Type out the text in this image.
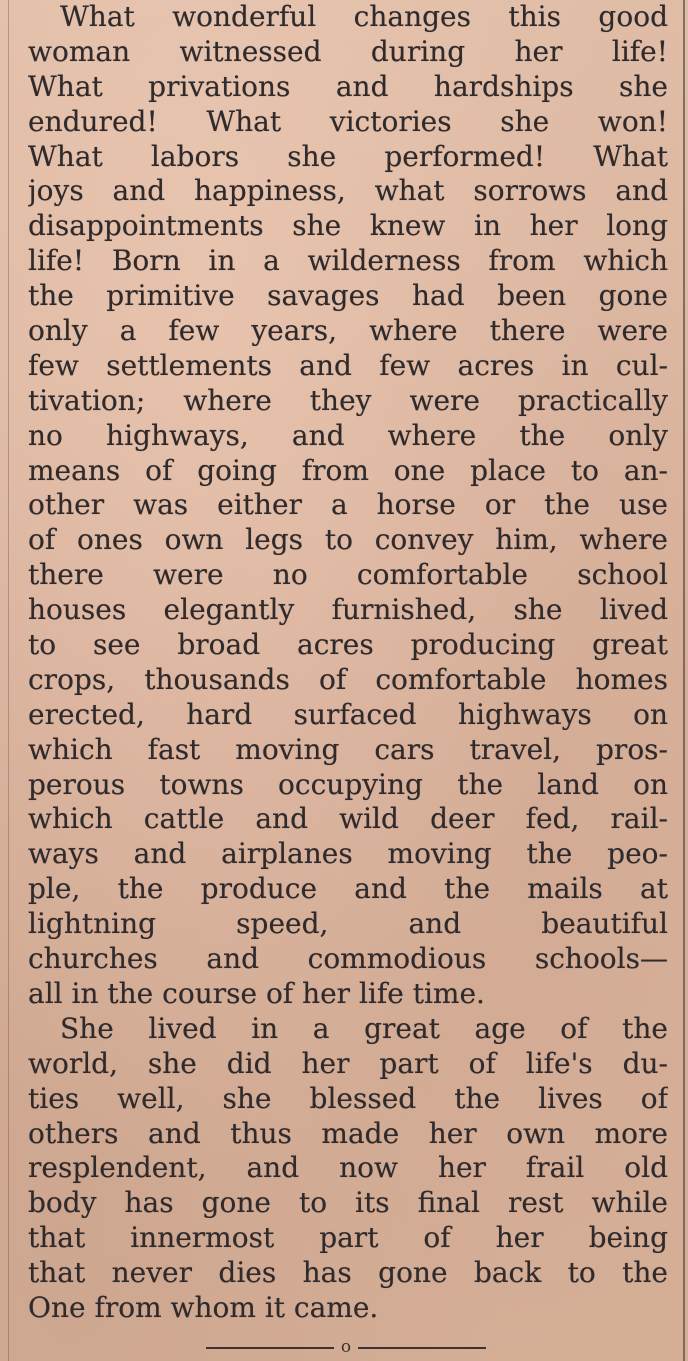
What wonderful changes this good
woman witnessed during her life!
What privations and hardships she
endured! What victories she won!
What labors she performed! What
joys and happiness, what sorrows and
disappointments she knew in her long
life! Born in a wilderness from which
the primitive savages had been gone
only a few years, where there were
few settlements and few acres in cul-
tivation; where they were practically
no highways, and where the only
means of going from one place to an-
other was either a horse or the use
of ones own legs to convey him, where
there were no comfortable school
houses elegantly furnished, she lived
to see broad acres producing great
crops, thousands of comfortable homes
erected, hard surfaced highways on
which fast moving cars travel, pros-
perous towns occupying the land on
which cattle and wild deer fed, rail-
ways and airplanes moving the peo-
ple, the produce and the mails at
lightning speed, and beautiful
churches and commodious schools—
all in the course of her life time.
She lived in a great age of the
world, she did her part of life's du-
ties well, she blessed the lives of
others and thus made her own more
resplendent, and now her frail old
body has gone to its final rest while
that innermost part of her being
that never dies has gone back to the
One from whom it came.
o
